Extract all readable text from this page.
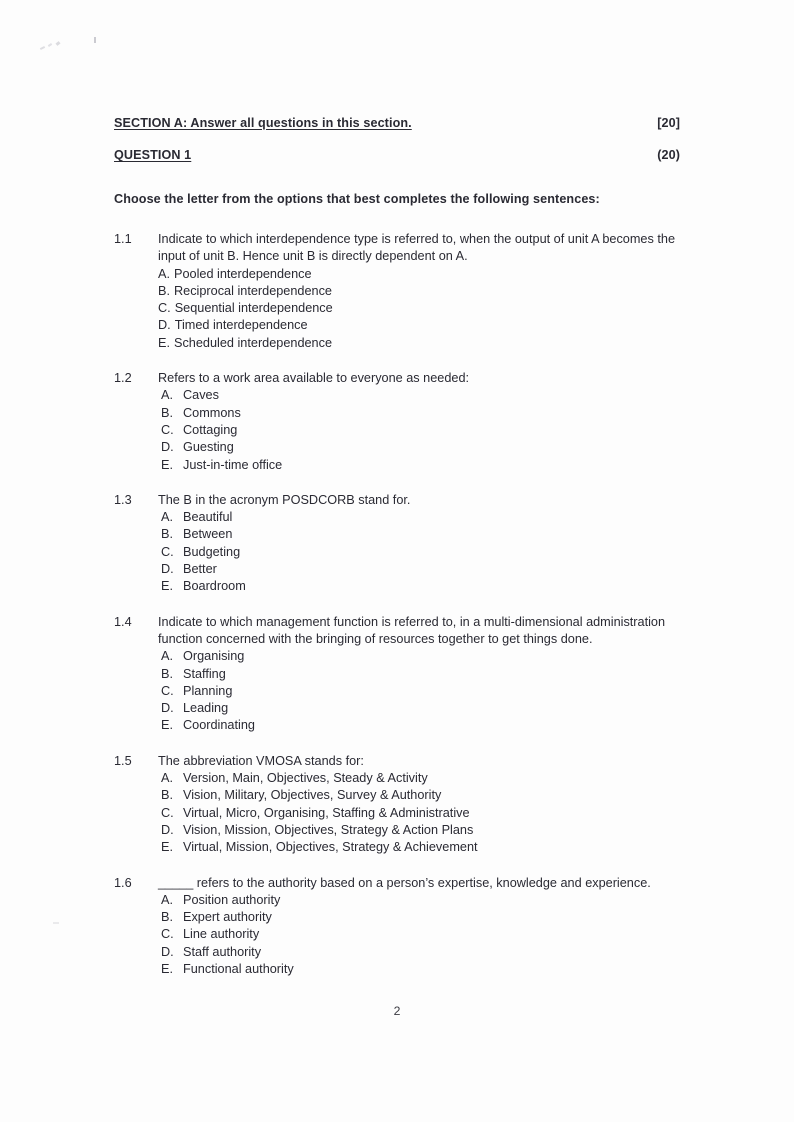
SECTION A: Answer all questions in this section.	[20]
QUESTION 1	(20)

Choose the letter from the options that best completes the following sentences:

1.1	Indicate to which interdependence type is referred to, when the output of unit A becomes the input of unit B. Hence unit B is directly dependent on A.

A. Pooled interdependence
B. Reciprocal interdependence
C. Sequential interdependence
D. Timed interdependence
E. Scheduled interdependence
1.2	Refers to a work area available to everyone as needed:

A. Caves
B. Commons
C. Cottaging
D. Guesting
E. Just-in-time office
1.3	The B in the acronym POSDCORB stand for.

A. Beautiful
B. Between
C. Budgeting
D. Better
E. Boardroom
1.4	Indicate to which management function is referred to, in a multi-dimensional administration function concerned with the bringing of resources together to get things done.

A. Organising
B. Staffing
C. Planning
D. Leading
E. Coordinating
1.5	The abbreviation VMOSA stands for:

A. Version, Main, Objectives, Steady & Activity
B. Vision, Military, Objectives, Survey & Authority
C. Virtual, Micro, Organising, Staffing & Administrative
D. Vision, Mission, Objectives, Strategy & Action Plans
E. Virtual, Mission, Objectives, Strategy & Achievement
1.6	_____ refers to the authority based on a person’s expertise, knowledge and experience.

A. Position authority
B. Expert authority
C. Line authority
D. Staff authority
E. Functional authority
2
